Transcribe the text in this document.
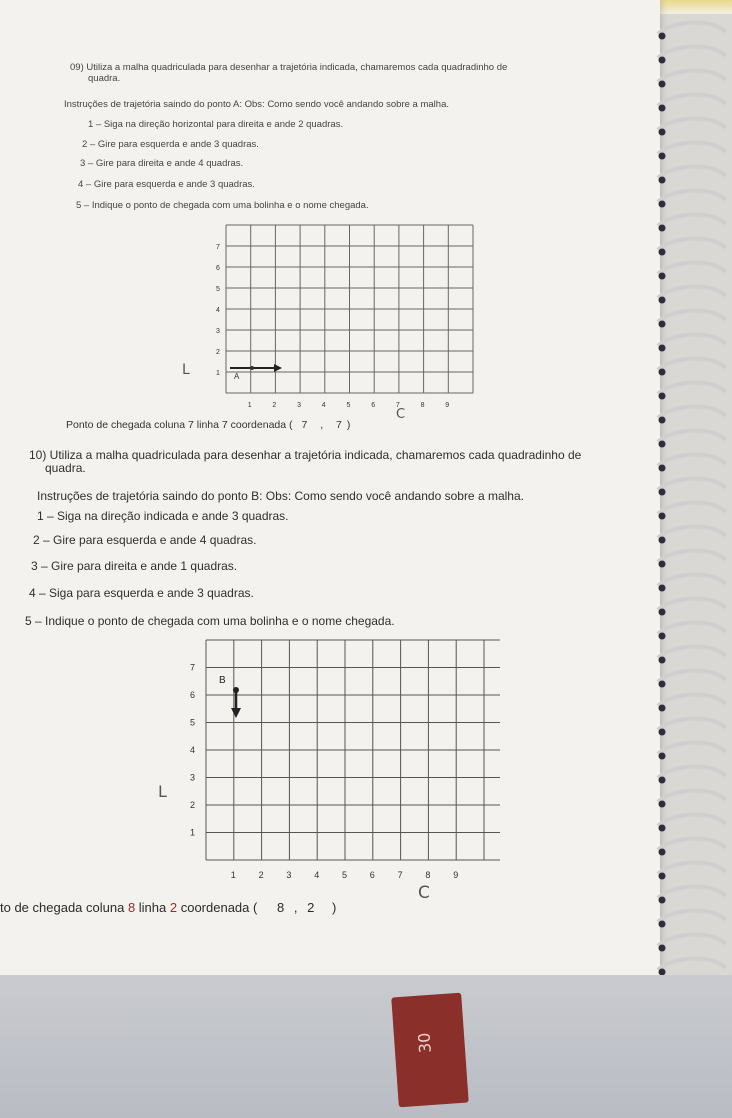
09) Utiliza a malha quadriculada para desenhar a trajetória indicada, chamaremos cada quadradinho de
quadra.
Instruções de trajetória saindo do ponto A: Obs: Como sendo você andando sobre a malha.
1 – Siga na direção horizontal para direita e ande 2 quadras.
2 – Gire para esquerda e ande 3 quadras.
3 – Gire para direita e ande 4 quadras.
4 – Gire para esquerda e ande 3 quadras.
5 – Indique o ponto de chegada com uma bolinha e o nome chegada.
1	2	3	4	5	6	7	8	9
7
6
5
4
3
2
1 A
L
Ponto de chegada coluna 7 linha 7 coordenada ( 7 , 7 )
C
10) Utiliza a malha quadriculada para desenhar a trajetória indicada, chamaremos cada quadradinho de
quadra.
Instruções de trajetória saindo do ponto B: Obs: Como sendo você andando sobre a malha.
1 – Siga na direção indicada e ande 3 quadras.
2 – Gire para esquerda e ande 4 quadras.
3 – Gire para direita e ande 1 quadras.
4 – Siga para esquerda e ande 3 quadras.
5 – Indique o ponto de chegada com uma bolinha e o nome chegada.
1	2	3	4	5	6	7	8	9
7
6
5
4
3
2
1
B
L
to de chegada coluna 8 linha 2 coordenada ( 8 , 2 )
C
30
